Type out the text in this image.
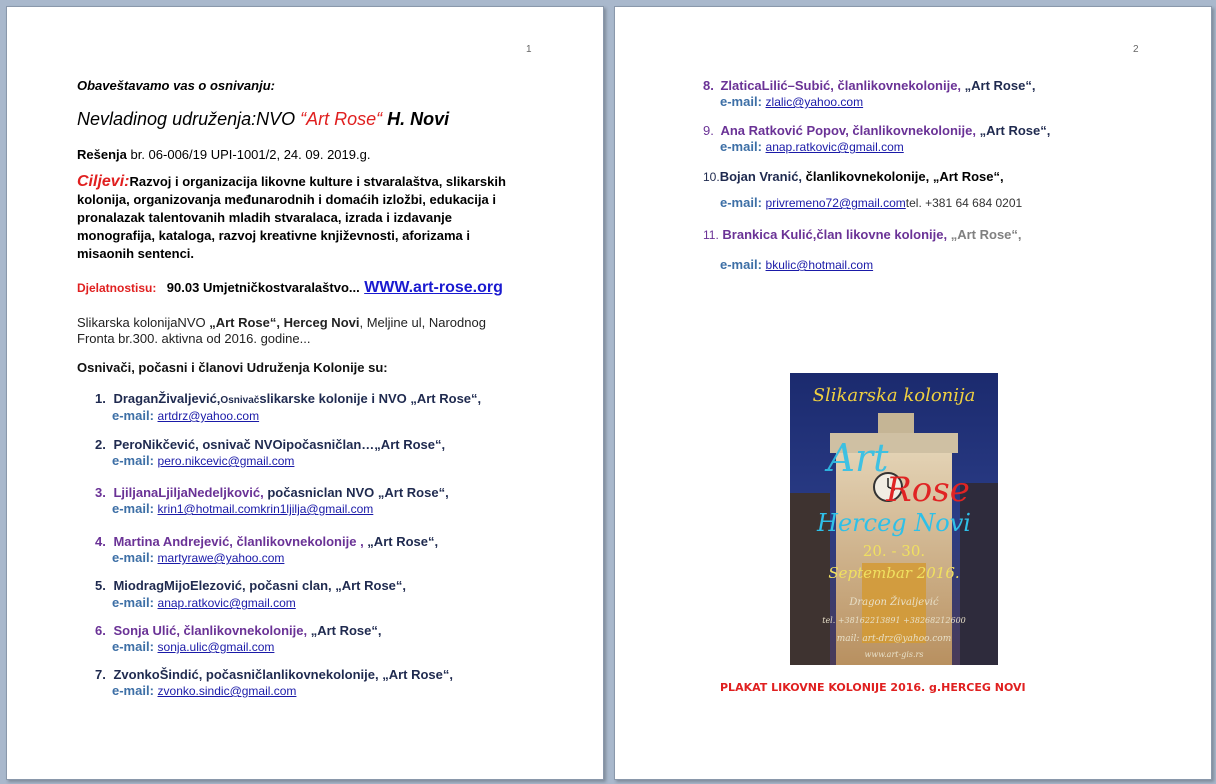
1
Obaveštavamo vas o osnivanju:
Nevladinog udruženja:NVO “Art Rose“ H. Novi
Rešenja br. 06-006/19 UPI-1001/2, 24. 09. 2019.g.
Ciljevi:Razvoj i organizacija likovne kulture i stvaralaštva, slikarskih
kolonija, organizovanja međunarodnih i domaćih izložbi, edukacija i
pronalazak talentovanih mladih stvaralaca, izrada i izdavanje
monografija, kataloga, razvoj kreativne književnosti, aforizama i
misaonih sentenci.
Djelatnostisu: 90.03 Umjetničkostvaralaštvo... WWW.art-rose.org
Slikarska kolonijaNVO „Art Rose“, Herceg Novi, Meljine ul, Narodnog
Fronta br.300. aktivna od 2016. godine...
Osnivači, počasni i članovi Udruženja Kolonije su:
1. DraganŽivaljević,Osnivačslikarske kolonije i NVO „Art Rose“,
e-mail: artdrz@yahoo.com
2. PeroNikčević, osnivač NVOipočasničlan…„Art Rose“,
e-mail: pero.nikcevic@gmail.com
3. LjiljanaLjiljaNedeljković, počasniclan NVO „Art Rose“,
e-mail: krin1@hotmail.comkrin1ljilja@gmail.com
4. Martina Andrejević, članlikovnekolonije , „Art Rose“,
e-mail: martyrawe@yahoo.com
5. MiodragMijoElezović, počasni clan, „Art Rose“,
e-mail: anap.ratkovic@gmail.com
6. Sonja Ulić, članlikovnekolonije, „Art Rose“,
e-mail: sonja.ulic@gmail.com
7. ZvonkoŠindić, počasničlanlikovnekolonije, „Art Rose“,
e-mail: zvonko.sindic@gmail.com
2
8. ZlaticaLilić–Subić, članlikovnekolonije, „Art Rose“,
e-mail: zlalic@yahoo.com
9. Ana Ratković Popov, članlikovnekolonije, „Art Rose“,
e-mail: anap.ratkovic@gmail.com
10.Bojan Vranić, članlikovnekolonije, „Art Rose“,
e-mail: privremeno72@gmail.comtel. +381 64 684 0201
11. Brankica Kulić,član likovne kolonije, „Art Rose“,
e-mail: bkulic@hotmail.com
Slikarska kolonija
Art
Rose
Herceg Novi
20. - 30.
Septembar 2016.
Dragon Živaljević
tel. +38162213891 +38268212600
mail: art-drz@yahoo.com
www.art-gis.rs
PLAKAT LIKOVNE KOLONIJE 2016. g.HERCEG NOVI
